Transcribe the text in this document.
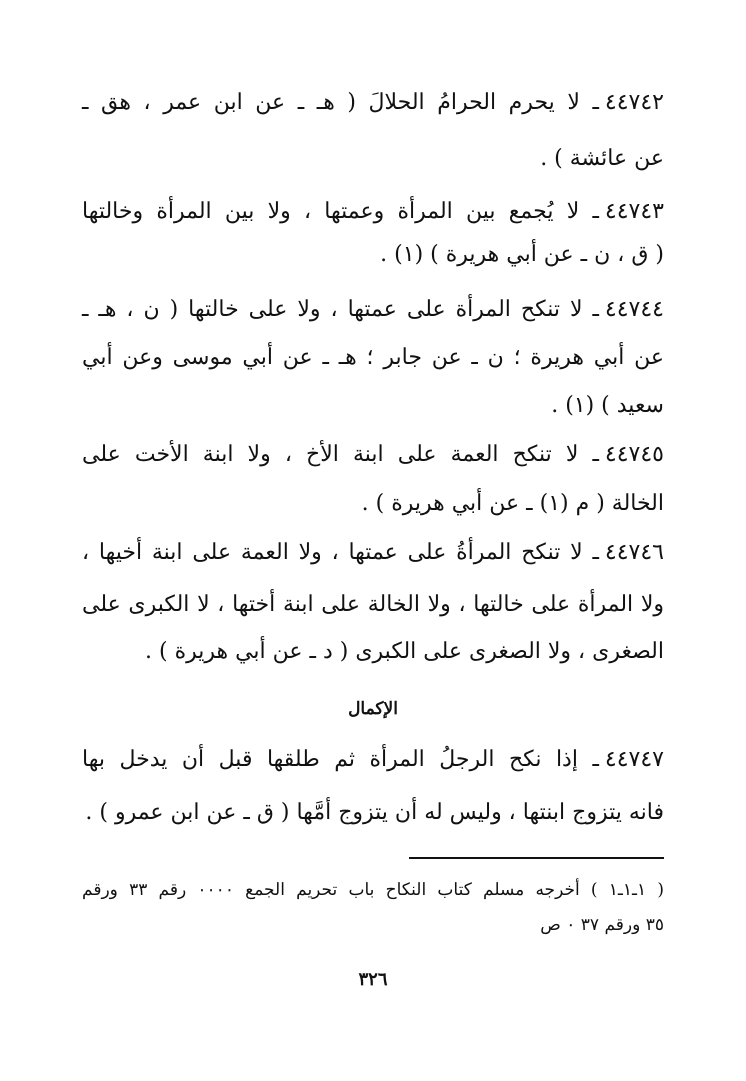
٤٤٧٤٢ـ لا يحرم الحرامُ الحلالَ ( هـ ـ عن ابن عمر ، هق ـ
عن عائشة ) .
٤٤٧٤٣ـ لا يُجمع بين المرأة وعمتها ، ولا بين المرأة وخالتها
( ق ، ن ـ عن أبي هريرة ) (١) .
٤٤٧٤٤ـ لا تنكح المرأة على عمتها ، ولا على خالتها ( ن ، هـ ـ
عن أبي هريرة ؛ ن ـ عن جابر ؛ هـ ـ عن أبي موسى وعن أبي
سعيد ) (١) .
٤٤٧٤٥ـ لا تنكح العمة على ابنة الأخ ، ولا ابنة الأخت على
الخالة ( م (١) ـ عن أبي هريرة ) .
٤٤٧٤٦ـ لا تنكح المرأةُ على عمتها ، ولا العمة على ابنة أخيها ،
ولا المرأة على خالتها ، ولا الخالة على ابنة أختها ، لا الكبرى على
الصغرى ، ولا الصغرى على الكبرى ( د ـ عن أبي هريرة ) .
الإكمال
٤٤٧٤٧ـ إذا نكح الرجلُ المرأة ثم طلقها قبل أن يدخل بها
فانه يتزوج ابنتها ، وليس له أن يتزوج أمَّها ( ق ـ عن ابن عمرو ) .
( ١ـ١ـ١ ) أخرجه مسلم كتاب النكاح باب تحريم الجمع ٠٠٠٠ رقم ٣٣ ورقم
٣٥ ورقم ٣٧ ٠ ص
٣٢٦
